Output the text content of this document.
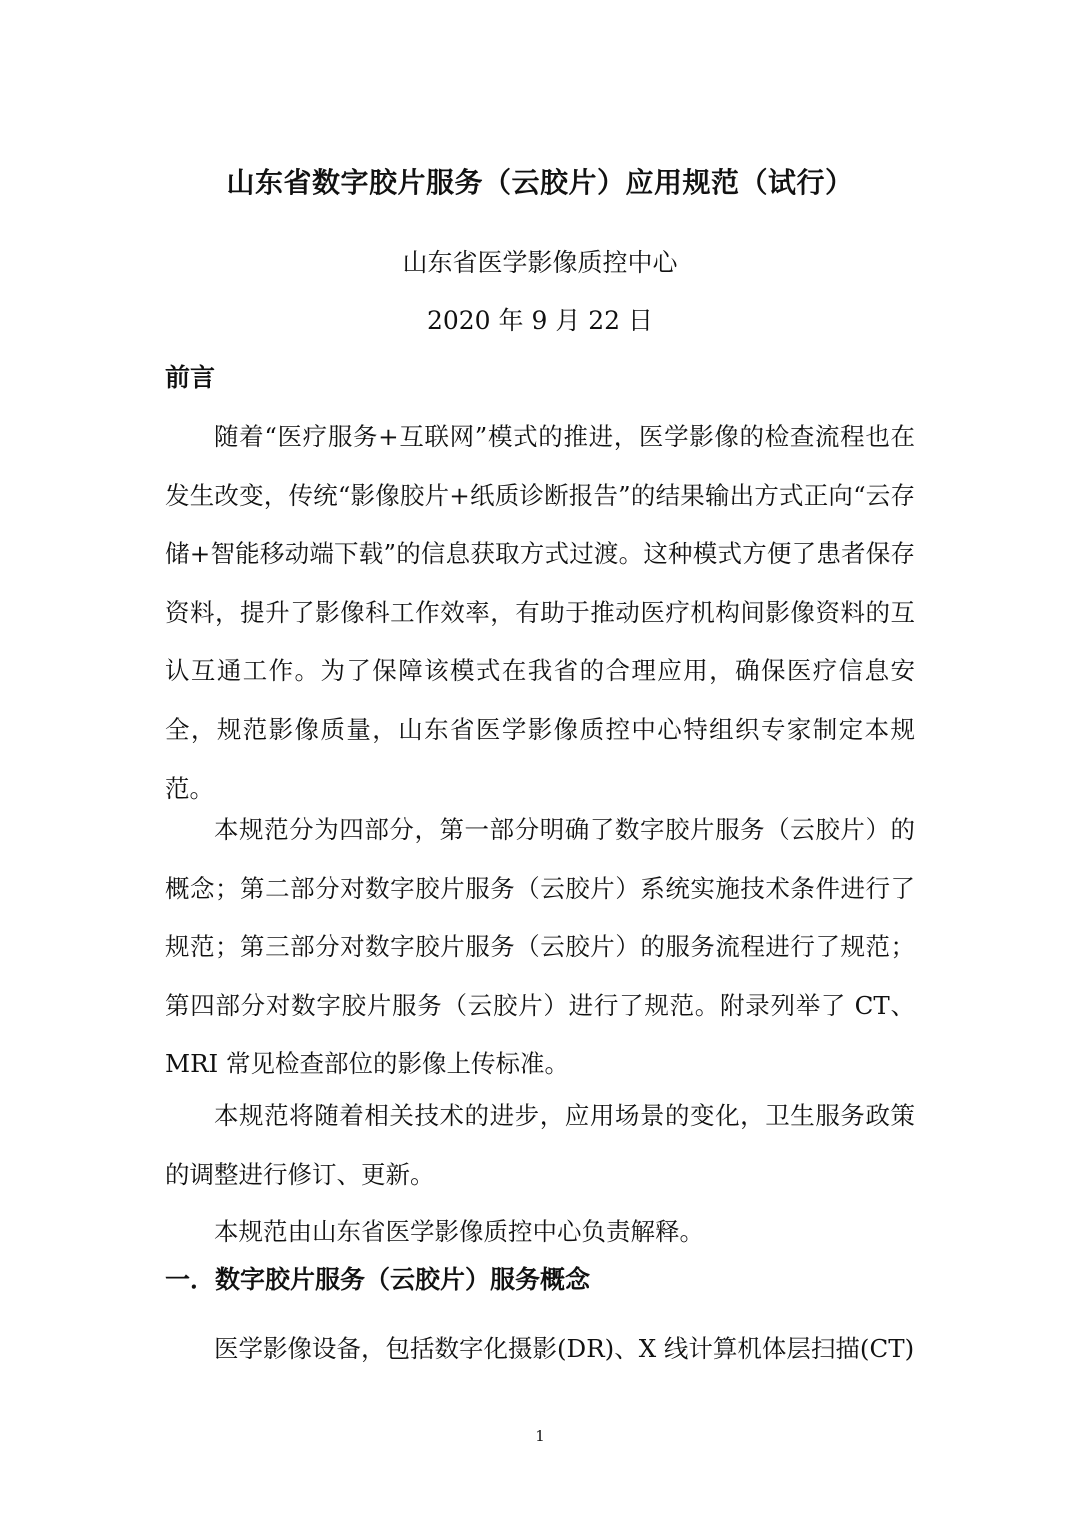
山东省数字胶片服务（云胶片）应用规范（试行）
山东省医学影像质控中心
2020 年 9 月 22 日
前言

随着“医疗服务+互联网”模式的推进，医学影像的检查流程也在发生改变，传统“影像胶片+纸质诊断报告”的结果输出方式正向“云存储+智能移动端下载”的信息获取方式过渡。这种模式方便了患者保存资料，提升了影像科工作效率，有助于推动医疗机构间影像资料的互认互通工作。为了保障该模式在我省的合理应用，确保医疗信息安全，规范影像质量，山东省医学影像质控中心特组织专家制定本规范。

本规范分为四部分，第一部分明确了数字胶片服务（云胶片）的概念；第二部分对数字胶片服务（云胶片）系统实施技术条件进行了规范；第三部分对数字胶片服务（云胶片）的服务流程进行了规范；第四部分对数字胶片服务（云胶片）进行了规范。附录列举了 CT、MRI 常见检查部位的影像上传标准。

本规范将随着相关技术的进步，应用场景的变化，卫生服务政策的调整进行修订、更新。

本规范由山东省医学影像质控中心负责解释。

一．数字胶片服务（云胶片）服务概念

医学影像设备，包括数字化摄影(DR)、X 线计算机体层扫描(CT)

1
